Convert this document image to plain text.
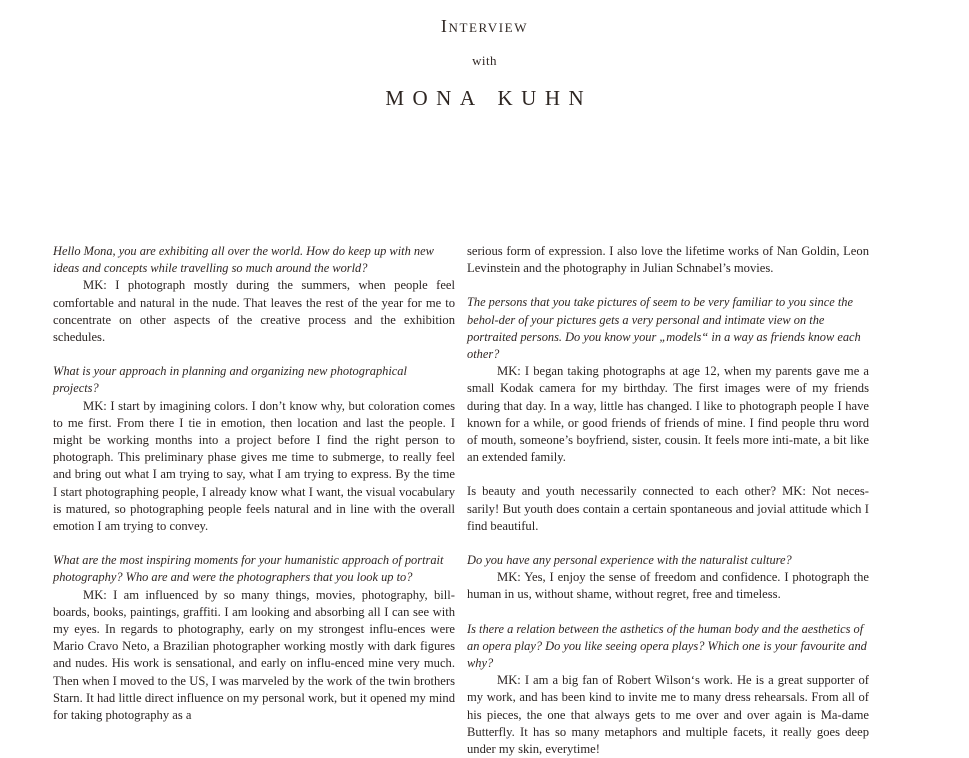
Interview
with
MONA KUHN

Hello Mona, you are exhibiting all over the world. How do keep up with new ideas and concepts while travelling so much around the world?

MK: I photograph mostly during the summers, when people feel comfortable and natural in the nude. That leaves the rest of the year for me to concentrate on other aspects of the creative process and the exhibition schedules.

What is your approach in planning and organizing new photographical projects?

MK: I start by imagining colors. I don’t know why, but coloration comes to me first. From there I tie in emotion, then location and last the people. I might be working months into a project before I find the right person to photograph. This preliminary phase gives me time to submerge, to really feel and bring out what I am trying to say, what I am trying to express. By the time I start photographing people, I already know what I want, the visual vocabulary is matured, so photographing people feels natural and in line with the overall emotion I am trying to convey.

What are the most inspiring moments for your humanistic approach of portrait photography? Who are and were the photographers that you look up to?

MK: I am influenced by so many things, movies, photography, bill-boards, books, paintings, graffiti. I am looking and absorbing all I can see with my eyes. In regards to photography, early on my strongest influ-ences were Mario Cravo Neto, a Brazilian photographer working mostly with dark figures and nudes. His work is sensational, and early on influ-enced mine very much. Then when I moved to the US, I was marveled by the work of the twin brothers Starn. It had little direct influence on my personal work, but it opened my mind for taking photography as a

serious form of expression. I also love the lifetime works of Nan Goldin, Leon Levinstein and the photography in Julian Schnabel’s movies.

The persons that you take pictures of seem to be very familiar to you since the behol-der of your pictures gets a very personal and intimate view on the portraited persons. Do you know your „models“ in a way as friends know each other?

MK: I began taking photographs at age 12, when my parents gave me a small Kodak camera for my birthday. The first images were of my friends during that day. In a way, little has changed. I like to photograph people I have known for a while, or good friends of friends of mine. I find people thru word of mouth, someone’s boyfriend, sister, cousin. It feels more inti-mate, a bit like an extended family.

Is beauty and youth necessarily connected to each other? MK: Not neces-sarily! But youth does contain a certain spontaneous and jovial attitude which I find beautiful.

Do you have any personal experience with the naturalist culture?

MK: Yes, I enjoy the sense of freedom and confidence. I photograph the human in us, without shame, without regret, free and timeless.

Is there a relation between the asthetics of the human body and the aesthetics of an opera play? Do you like seeing opera plays? Which one is your favourite and why?

MK: I am a big fan of Robert Wilson‘s work. He is a great supporter of my work, and has been kind to invite me to many dress rehearsals. From all of his pieces, the one that always gets to me over and over again is Ma-dame Butterfly. It has so many metaphors and multiple facets, it really goes deep under my skin, everytime!
